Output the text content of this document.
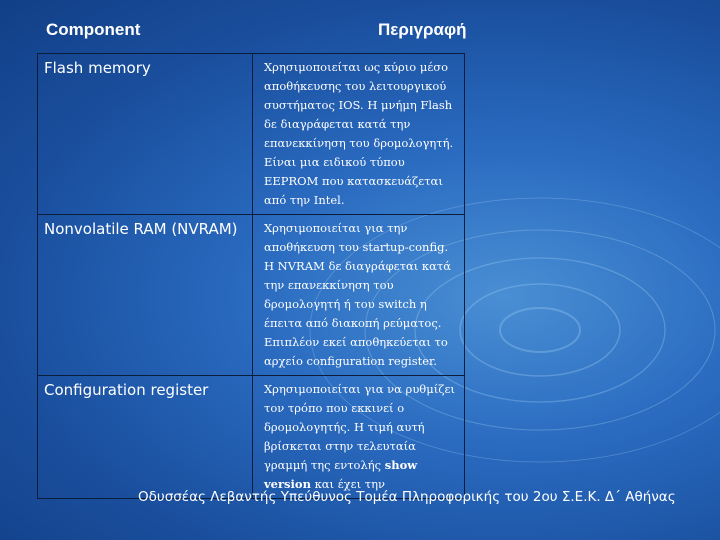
Component	Περιγραφή
Flash memory	Χρησιμοποιείται ως κύριο μέσο αποθήκευσης του λειτουργικού συστήματος IOS. Η μνήμη Flash δε διαγράφεται κατά την επανεκκίνηση του δρομολογητή. Είναι μια ειδικού τύπου EEPROM που κατασκευάζεται από την Intel.
Nonvolatile RAM (NVRAM)	Χρησιμοποιείται για την αποθήκευση του startup-config. Η NVRAM δε διαγράφεται κατά την επανεκκίνηση του δρομολογητή ή του switch η έπειτα από διακοπή ρεύματος. Επιπλέον εκεί αποθηκεύεται το αρχείο configuration register.
Configuration register	Χρησιμοποιείται για να ρυθμίζει τον τρόπο που εκκινεί ο δρομολογητής. Η τιμή αυτή βρίσκεται στην τελευταία γραμμή της εντολής show version και έχει την
Οδυσσέας Λεβαντής Υπεύθυνος Τομέα Πληροφορικής του 2ου Σ.Ε.Κ. Δ΄ Αθήνας
